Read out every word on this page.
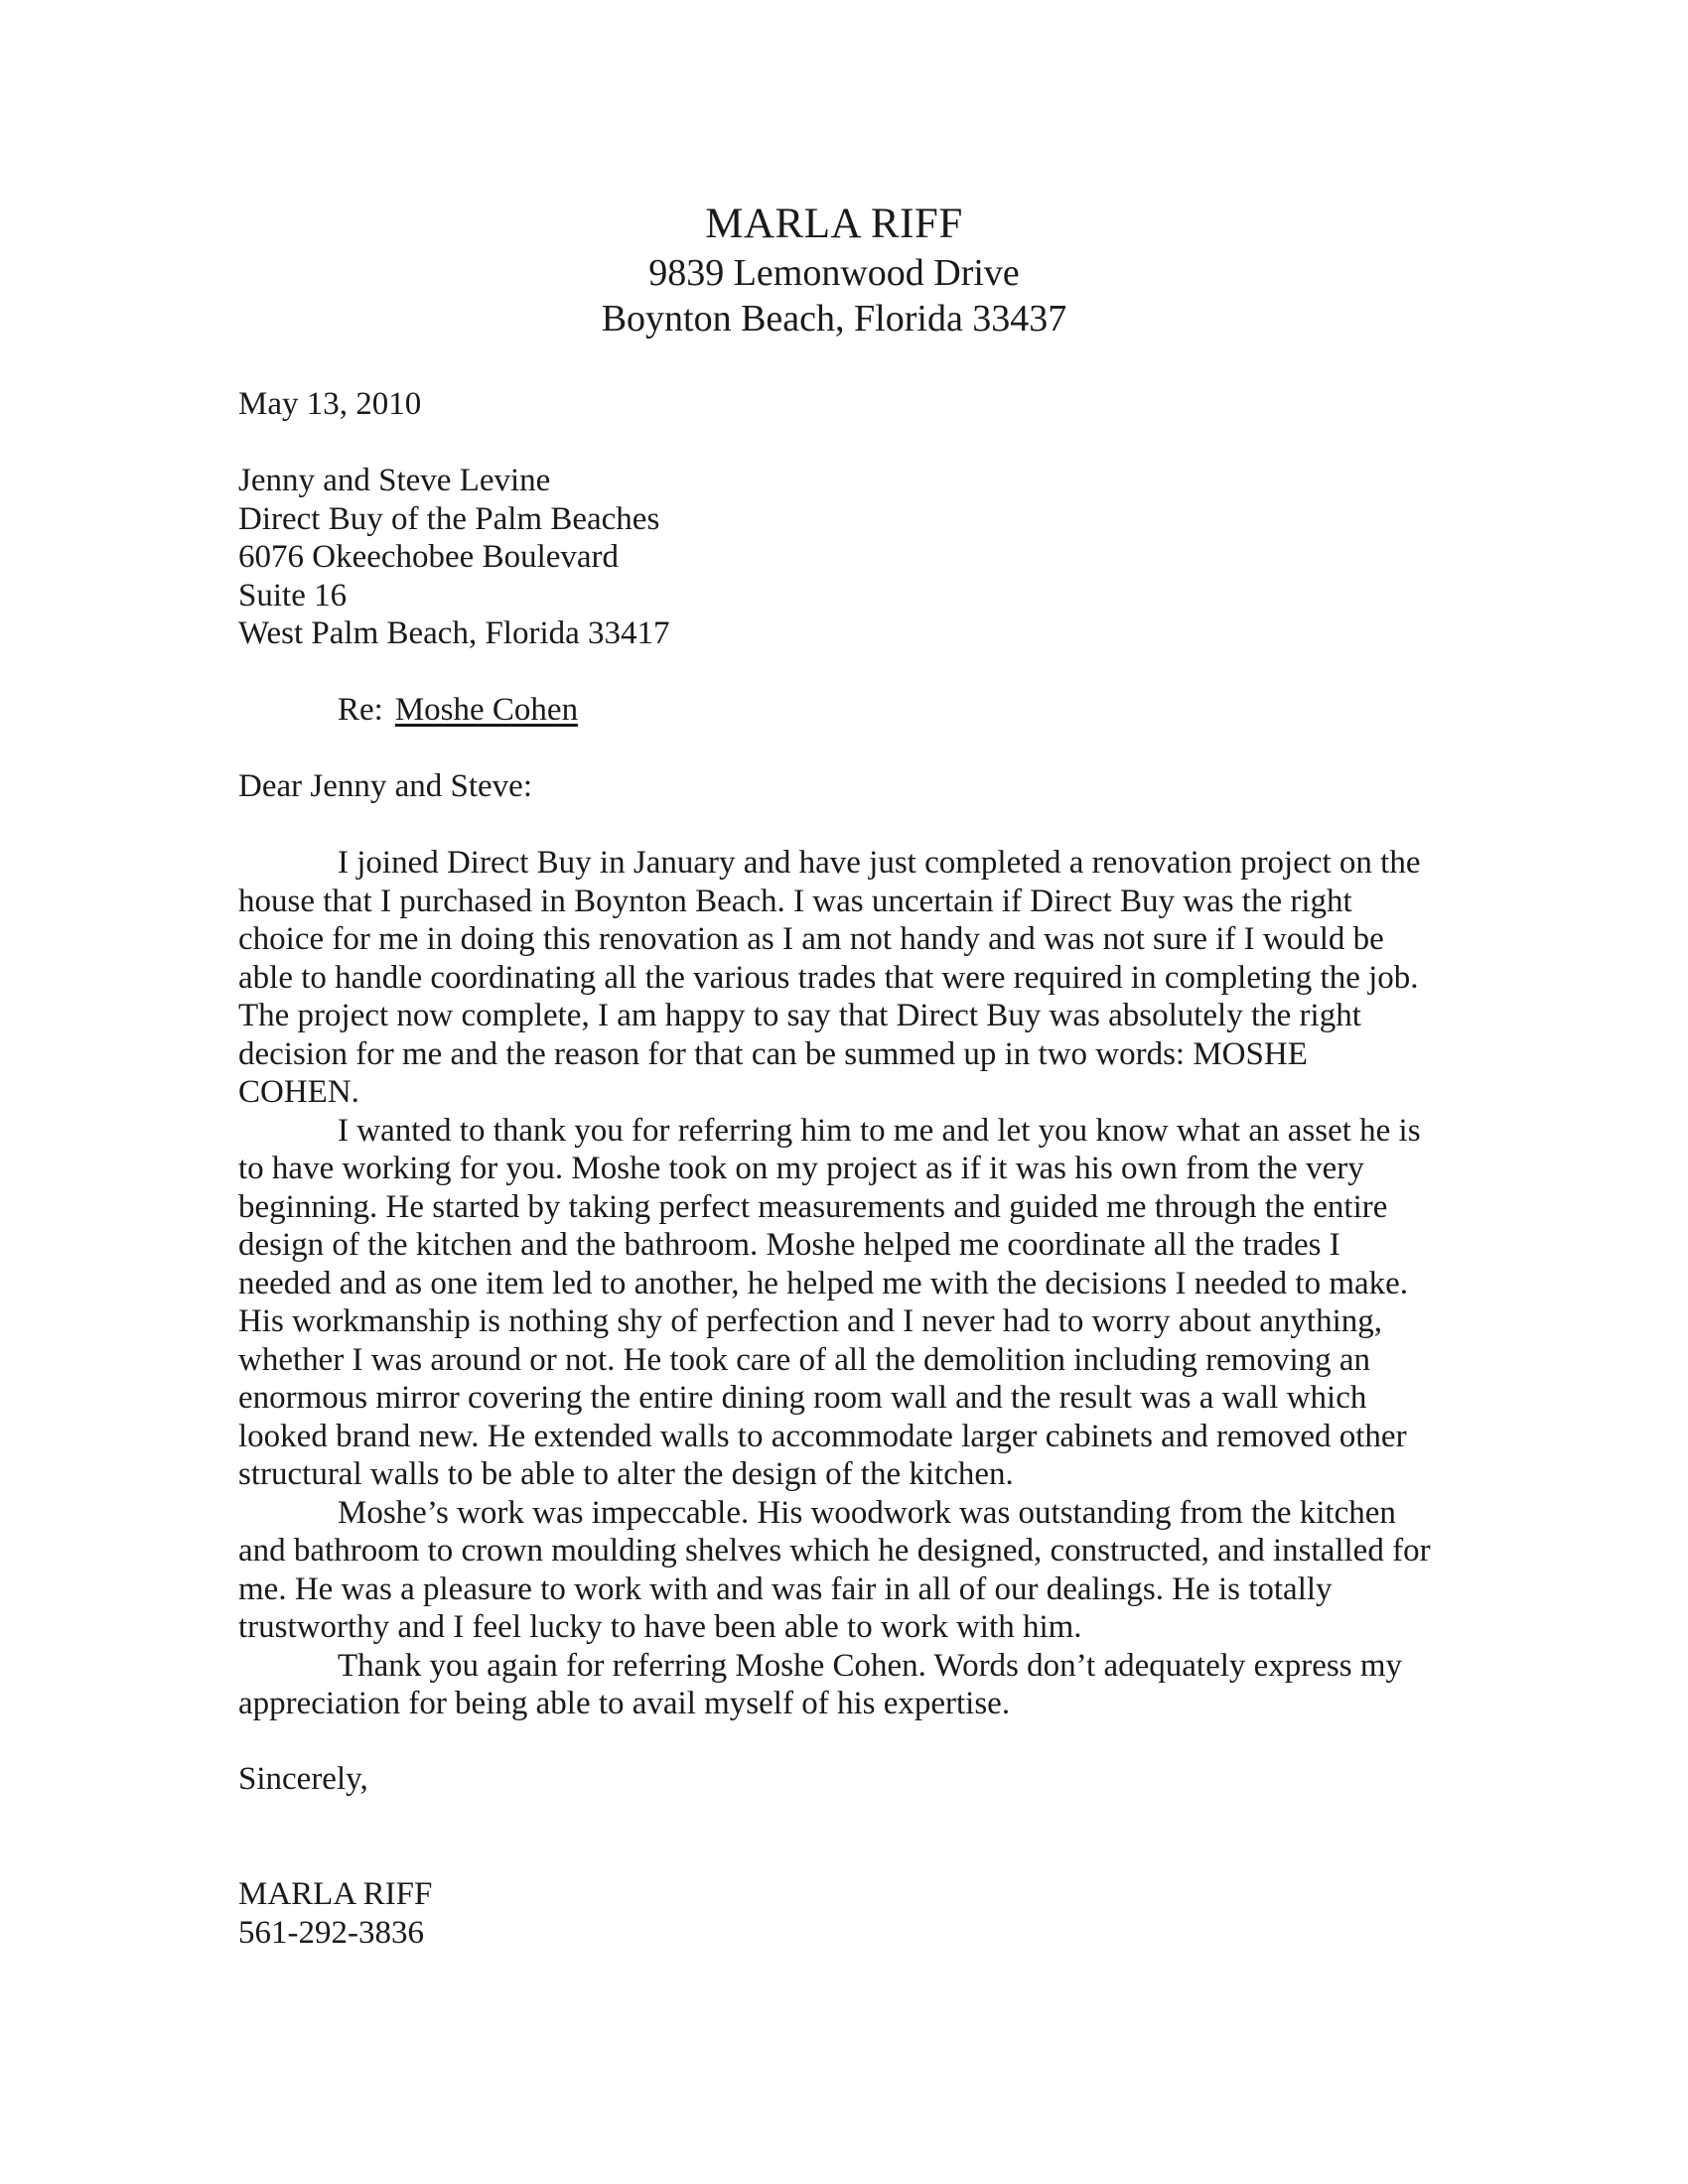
MARLA RIFF
9839 Lemonwood Drive
Boynton Beach, Florida 33437
May 13, 2010
Jenny and Steve Levine
Direct Buy of the Palm Beaches
6076 Okeechobee Boulevard
Suite 16
West Palm Beach, Florida 33417
Re: Moshe Cohen
Dear Jenny and Steve:

I joined Direct Buy in January and have just completed a renovation project on the house that I purchased in Boynton Beach. I was uncertain if Direct Buy was the right choice for me in doing this renovation as I am not handy and was not sure if I would be able to handle coordinating all the various trades that were required in completing the job. The project now complete, I am happy to say that Direct Buy was absolutely the right decision for me and the reason for that can be summed up in two words: MOSHE COHEN.

I wanted to thank you for referring him to me and let you know what an asset he is to have working for you. Moshe took on my project as if it was his own from the very beginning. He started by taking perfect measurements and guided me through the entire design of the kitchen and the bathroom. Moshe helped me coordinate all the trades I needed and as one item led to another, he helped me with the decisions I needed to make. His workmanship is nothing shy of perfection and I never had to worry about anything, whether I was around or not. He took care of all the demolition including removing an enormous mirror covering the entire dining room wall and the result was a wall which looked brand new. He extended walls to accommodate larger cabinets and removed other structural walls to be able to alter the design of the kitchen.

Moshe’s work was impeccable. His woodwork was outstanding from the kitchen and bathroom to crown moulding shelves which he designed, constructed, and installed for me. He was a pleasure to work with and was fair in all of our dealings. He is totally trustworthy and I feel lucky to have been able to work with him.

Thank you again for referring Moshe Cohen. Words don’t adequately express my appreciation for being able to avail myself of his expertise.

Sincerely,
MARLA RIFF
561-292-3836
